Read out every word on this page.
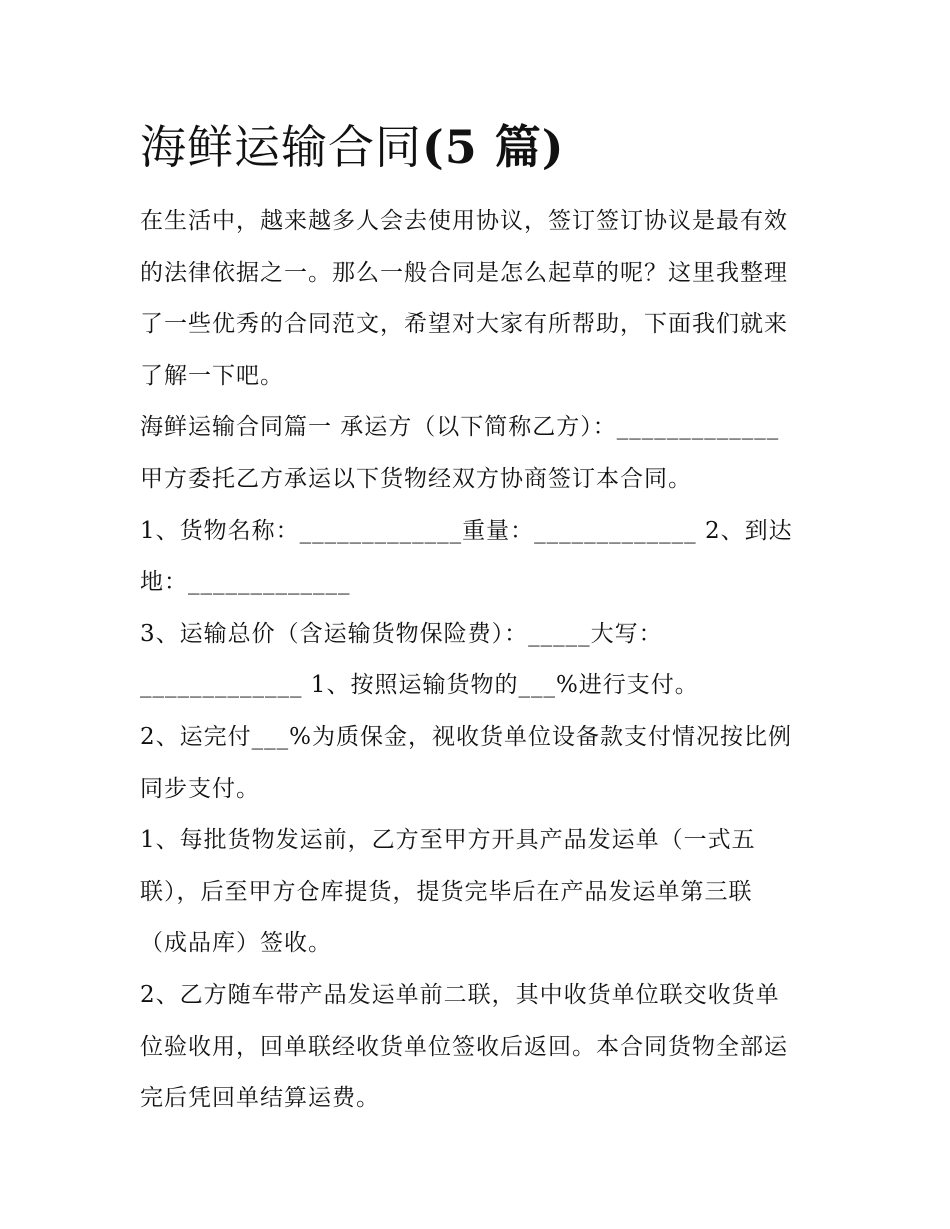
海鲜运输合同(5 篇)
在生活中，越来越多人会去使用协议，签订签订协议是最有效
的法律依据之一。那么一般合同是怎么起草的呢？这里我整理
了一些优秀的合同范文，希望对大家有所帮助，下面我们就来
了解一下吧。
海鲜运输合同篇一 承运方（以下简称乙方）：_____________
甲方委托乙方承运以下货物经双方协商签订本合同。
1、货物名称：_____________重量：_____________ 2、到达
地：_____________
3、运输总价（含运输货物保险费）：_____大写：
_____________ 1、按照运输货物的___%进行支付。
2、运完付___%为质保金，视收货单位设备款支付情况按比例
同步支付。
1、每批货物发运前，乙方至甲方开具产品发运单（一式五
联），后至甲方仓库提货，提货完毕后在产品发运单第三联
（成品库）签收。
2、乙方随车带产品发运单前二联，其中收货单位联交收货单
位验收用，回单联经收货单位签收后返回。本合同货物全部运
完后凭回单结算运费。
